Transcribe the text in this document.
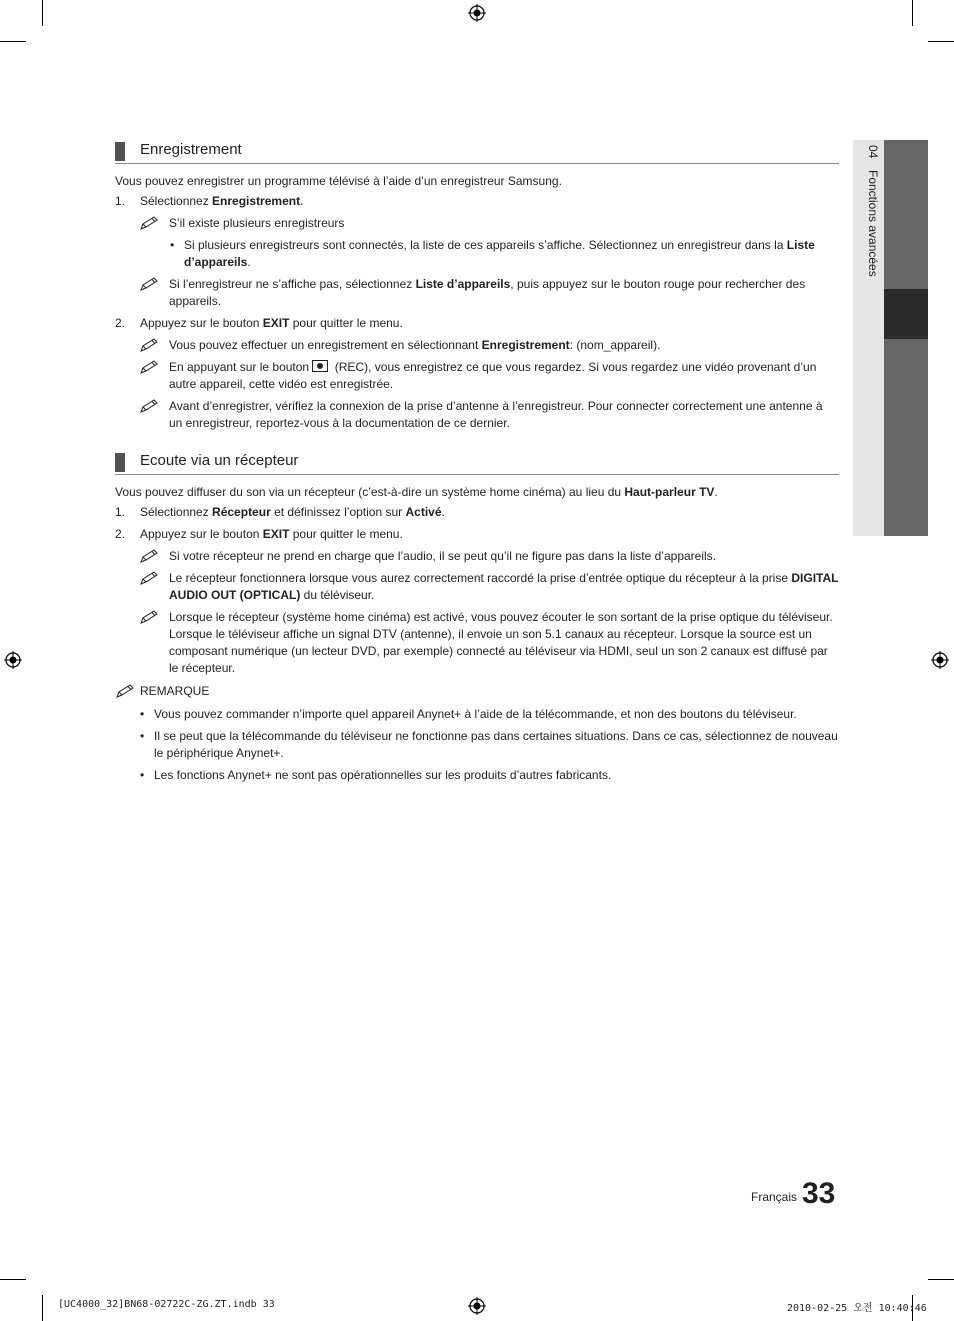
04 Fonctions avancées
Enregistrement

Vous pouvez enregistrer un programme télévisé à l’aide d’un enregistreur Samsung.

1. Sélectionnez Enregistrement.
S’il existe plusieurs enregistreurs
• Si plusieurs enregistreurs sont connectés, la liste de ces appareils s’affiche. Sélectionnez un enregistreur dans la Liste d’appareils.
Si l’enregistreur ne s’affiche pas, sélectionnez Liste d’appareils, puis appuyez sur le bouton rouge pour rechercher des appareils.
2. Appuyez sur le bouton EXIT pour quitter le menu.
Vous pouvez effectuer un enregistrement en sélectionnant Enregistrement: (nom_appareil).
En appuyant sur le bouton  (REC), vous enregistrez ce que vous regardez. Si vous regardez une vidéo provenant d’un autre appareil, cette vidéo est enregistrée.
Avant d’enregistrer, vérifiez la connexion de la prise d’antenne à l’enregistreur. Pour connecter correctement une antenne à un enregistreur, reportez-vous à la documentation de ce dernier.
Ecoute via un récepteur

Vous pouvez diffuser du son via un récepteur (c’est-à-dire un système home cinéma) au lieu du Haut-parleur TV.

1. Sélectionnez Récepteur et définissez l’option sur Activé.
2. Appuyez sur le bouton EXIT pour quitter le menu.
Si votre récepteur ne prend en charge que l’audio, il se peut qu’il ne figure pas dans la liste d’appareils.
Le récepteur fonctionnera lorsque vous aurez correctement raccordé la prise d’entrée optique du récepteur à la prise DIGITAL AUDIO OUT (OPTICAL) du téléviseur.
Lorsque le récepteur (système home cinéma) est activé, vous pouvez écouter le son sortant de la prise optique du téléviseur. Lorsque le téléviseur affiche un signal DTV (antenne), il envoie un son 5.1 canaux au récepteur. Lorsque la source est un composant numérique (un lecteur DVD, par exemple) connecté au téléviseur via HDMI, seul un son 2 canaux est diffusé par le récepteur.
REMARQUE
• Vous pouvez commander n’importe quel appareil Anynet+ à l’aide de la télécommande, et non des boutons du téléviseur.
• Il se peut que la télécommande du téléviseur ne fonctionne pas dans certaines situations. Dans ce cas, sélectionnez de nouveau le périphérique Anynet+.
• Les fonctions Anynet+ ne sont pas opérationnelles sur les produits d’autres fabricants.
Français 33
[UC4000_32]BN68-02722C-ZG.ZT.indb 33	2010-02-25 오전 10:40:46
